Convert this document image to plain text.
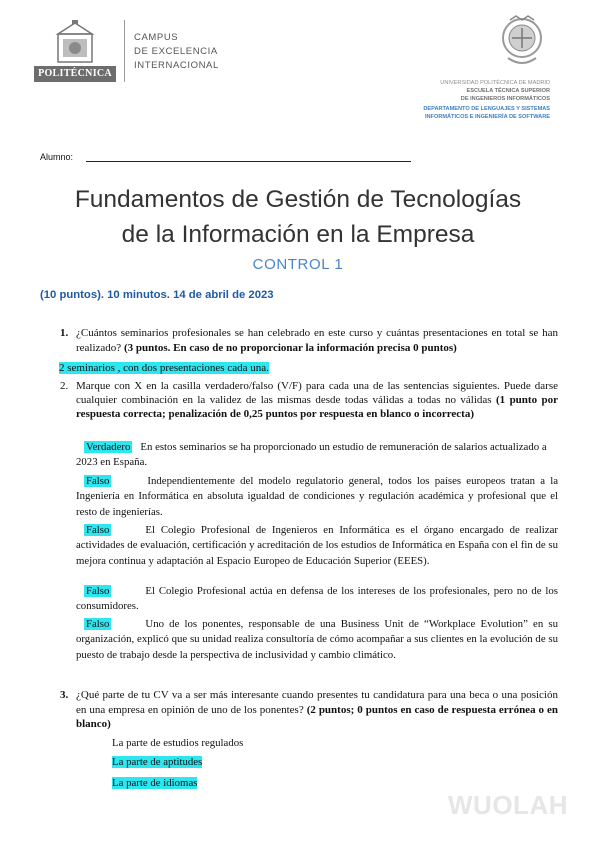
POLITÉCNICA
CAMPUS
DE EXCELENCIA
INTERNACIONAL
UNIVERSIDAD POLITÉCNICA DE MADRID
ESCUELA TÉCNICA SUPERIOR
DE INGENIEROS INFORMÁTICOS
DEPARTAMENTO DE LENGUAJES Y SISTEMAS
INFORMÁTICOS E INGENIERÍA DE SOFTWARE
Alumno:
Fundamentos de Gestión de Tecnologías
de la Información en la Empresa
CONTROL 1
(10 puntos). 10 minutos. 14 de abril de 2023
1. ¿Cuántos seminarios profesionales se han celebrado en este curso y cuántas presentaciones en total se han realizado? (3 puntos. En caso de no proporcionar la información precisa 0 puntos)
2 seminarios , con dos presentaciones cada una.
2. Marque con X en la casilla verdadero/falso (V/F) para cada una de las sentencias siguientes. Puede darse cualquier combinación en la validez de las mismas desde todas válidas a todas no válidas (1 punto por respuesta correcta; penalización de 0,25 puntos por respuesta en blanco o incorrecta)
Verdadero En estos seminarios se ha proporcionado un estudio de remuneración de salarios actualizado a 2023 en España.
Falso	Independientemente del modelo regulatorio general, todos los países europeos tratan a la Ingeniería en Informática en absoluta igualdad de condiciones y regulación académica y profesional que el resto de ingenierías.
Falso	El Colegio Profesional de Ingenieros en Informática es el órgano encargado de realizar actividades de evaluación, certificación y acreditación de los estudios de Informática en España con el fin de su mejora continua y adaptación al Espacio Europeo de Educación Superior (EEES).
Falso	El Colegio Profesional actúa en defensa de los intereses de los profesionales, pero no de los consumidores.
Falso	Uno de los ponentes, responsable de una Business Unit de “Workplace Evolution” en su organización, explicó que su unidad realiza consultoría de cómo acompañar a sus clientes en la evolución de su puesto de trabajo desde la perspectiva de inclusividad y cambio climático.
3. ¿Qué parte de tu CV va a ser más interesante cuando presentes tu candidatura para una beca o una posición en una empresa en opinión de uno de los ponentes? (2 puntos; 0 puntos en caso de respuesta errónea o en blanco)
La parte de estudios regulados
La parte de aptitudes
La parte de idiomas
WUOLAH
